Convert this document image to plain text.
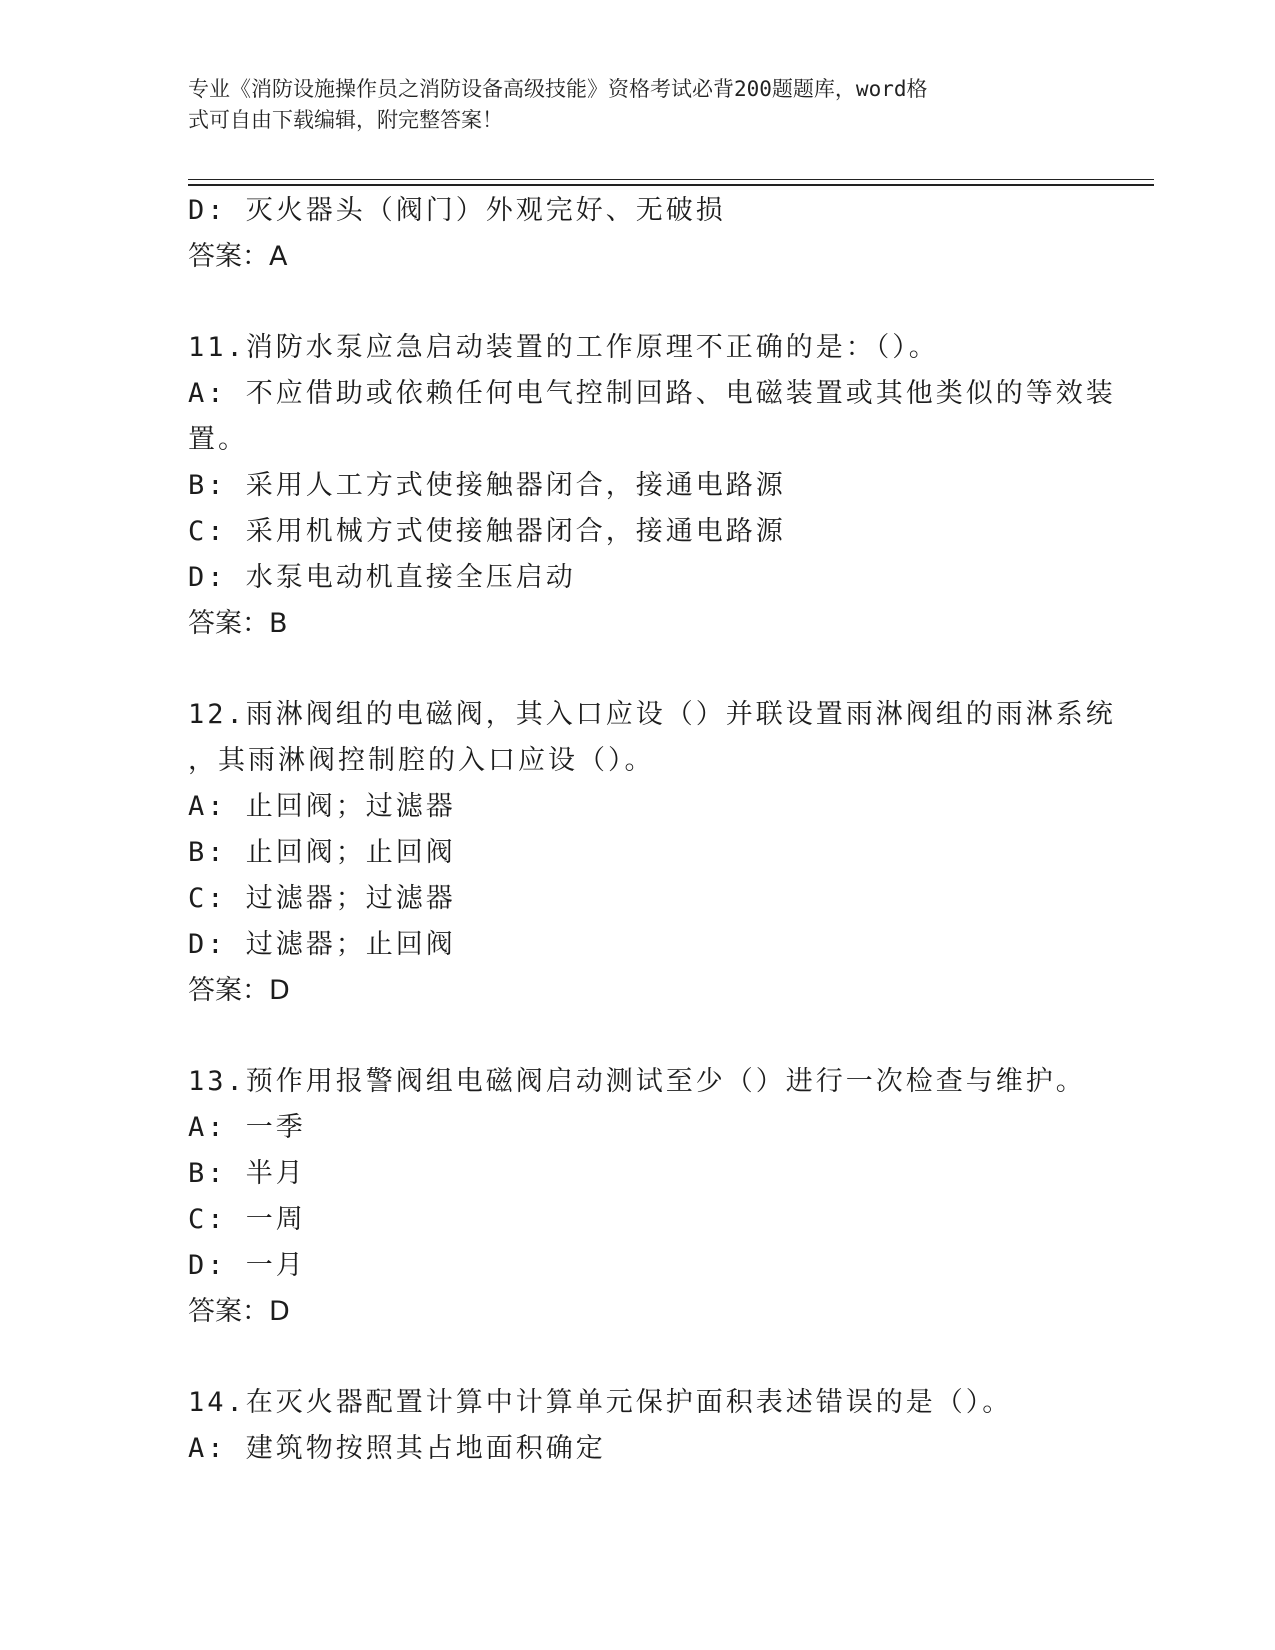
专业《消防设施操作员之消防设备高级技能》资格考试必背200题题库，word格
式可自由下载编辑，附完整答案！
D: 灭火器头（阀门）外观完好、无破损
答案：A
11.消防水泵应急启动装置的工作原理不正确的是：（）。
A: 不应借助或依赖任何电气控制回路、电磁装置或其他类似的等效装
置。
B: 采用人工方式使接触器闭合，接通电路源
C: 采用机械方式使接触器闭合，接通电路源
D: 水泵电动机直接全压启动
答案：B
12.雨淋阀组的电磁阀，其入口应设（）并联设置雨淋阀组的雨淋系统
，其雨淋阀控制腔的入口应设（）。
A: 止回阀；过滤器
B: 止回阀；止回阀
C: 过滤器；过滤器
D: 过滤器；止回阀
答案：D
13.预作用报警阀组电磁阀启动测试至少（）进行一次检查与维护。
A: 一季
B: 半月
C: 一周
D: 一月
答案：D
14.在灭火器配置计算中计算单元保护面积表述错误的是（）。
A: 建筑物按照其占地面积确定
